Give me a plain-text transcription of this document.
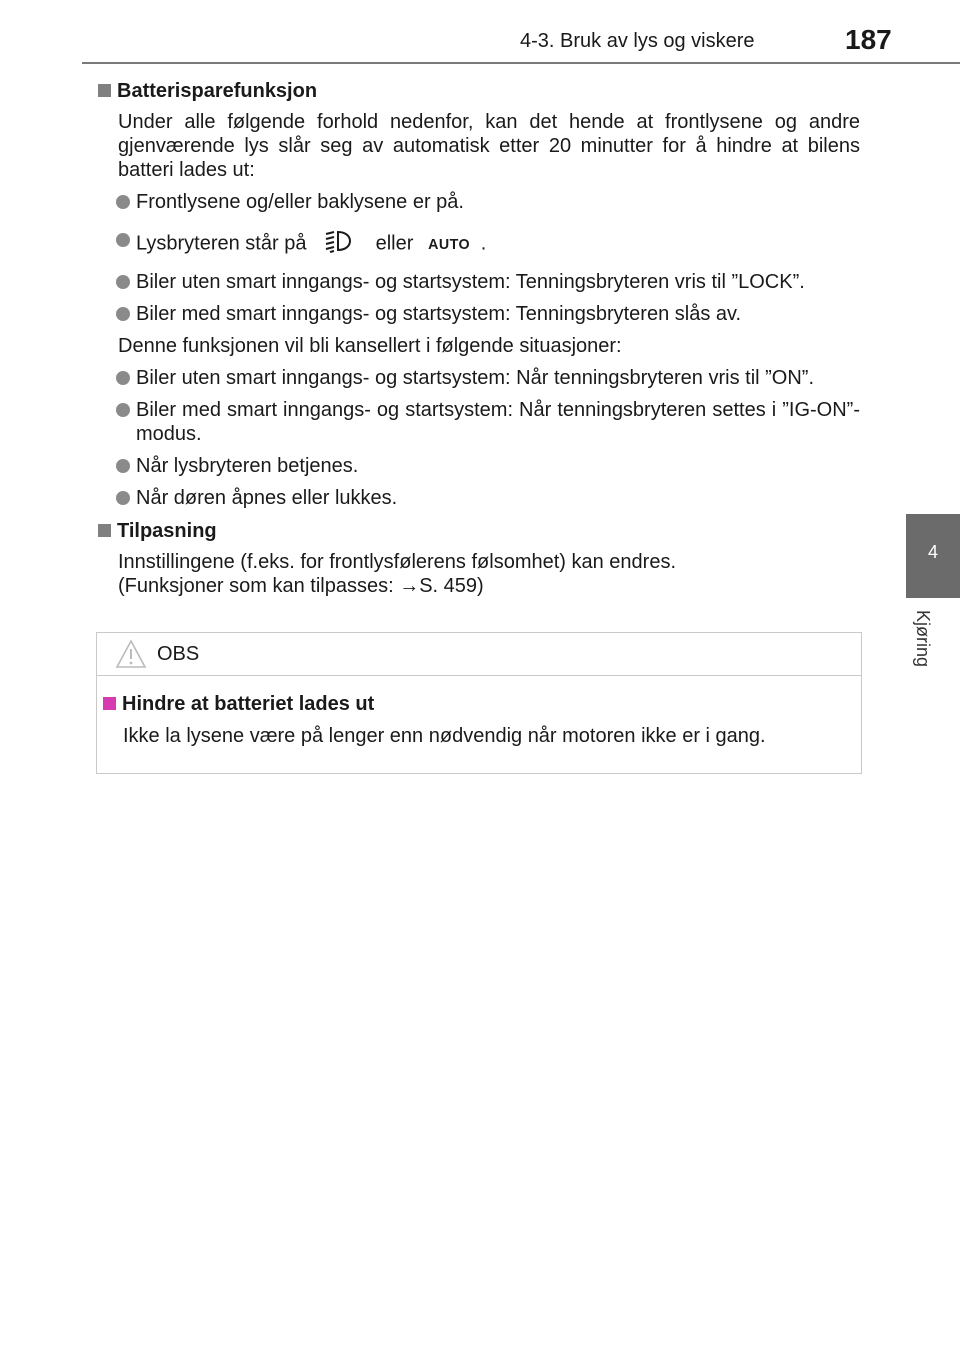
4-3. Bruk av lys og viskere	187
4
Kjøring
Batterisparefunksjon
Under alle følgende forhold nedenfor, kan det hende at frontlysene og andre gjenværende lys slår seg av automatisk etter 20 minutter for å hindre at bilens batteri lades ut:
Frontlysene og/eller baklysene er på.
Lysbryteren står på	eller AUTO .
Biler uten smart inngangs- og startsystem: Tenningsbryteren vris til ”LOCK”.
Biler med smart inngangs- og startsystem: Tenningsbryteren slås av.
Denne funksjonen vil bli kansellert i følgende situasjoner:
Biler uten smart inngangs- og startsystem: Når tenningsbryteren vris til ”ON”.
Biler med smart inngangs- og startsystem: Når tenningsbryteren settes i ”IG-ON”-modus.
Når lysbryteren betjenes.
Når døren åpnes eller lukkes.
Tilpasning
Innstillingene (f.eks. for frontlysfølerens følsomhet) kan endres.
(Funksjoner som kan tilpasses: →S. 459)
OBS
Hindre at batteriet lades ut
Ikke la lysene være på lenger enn nødvendig når motoren ikke er i gang.
